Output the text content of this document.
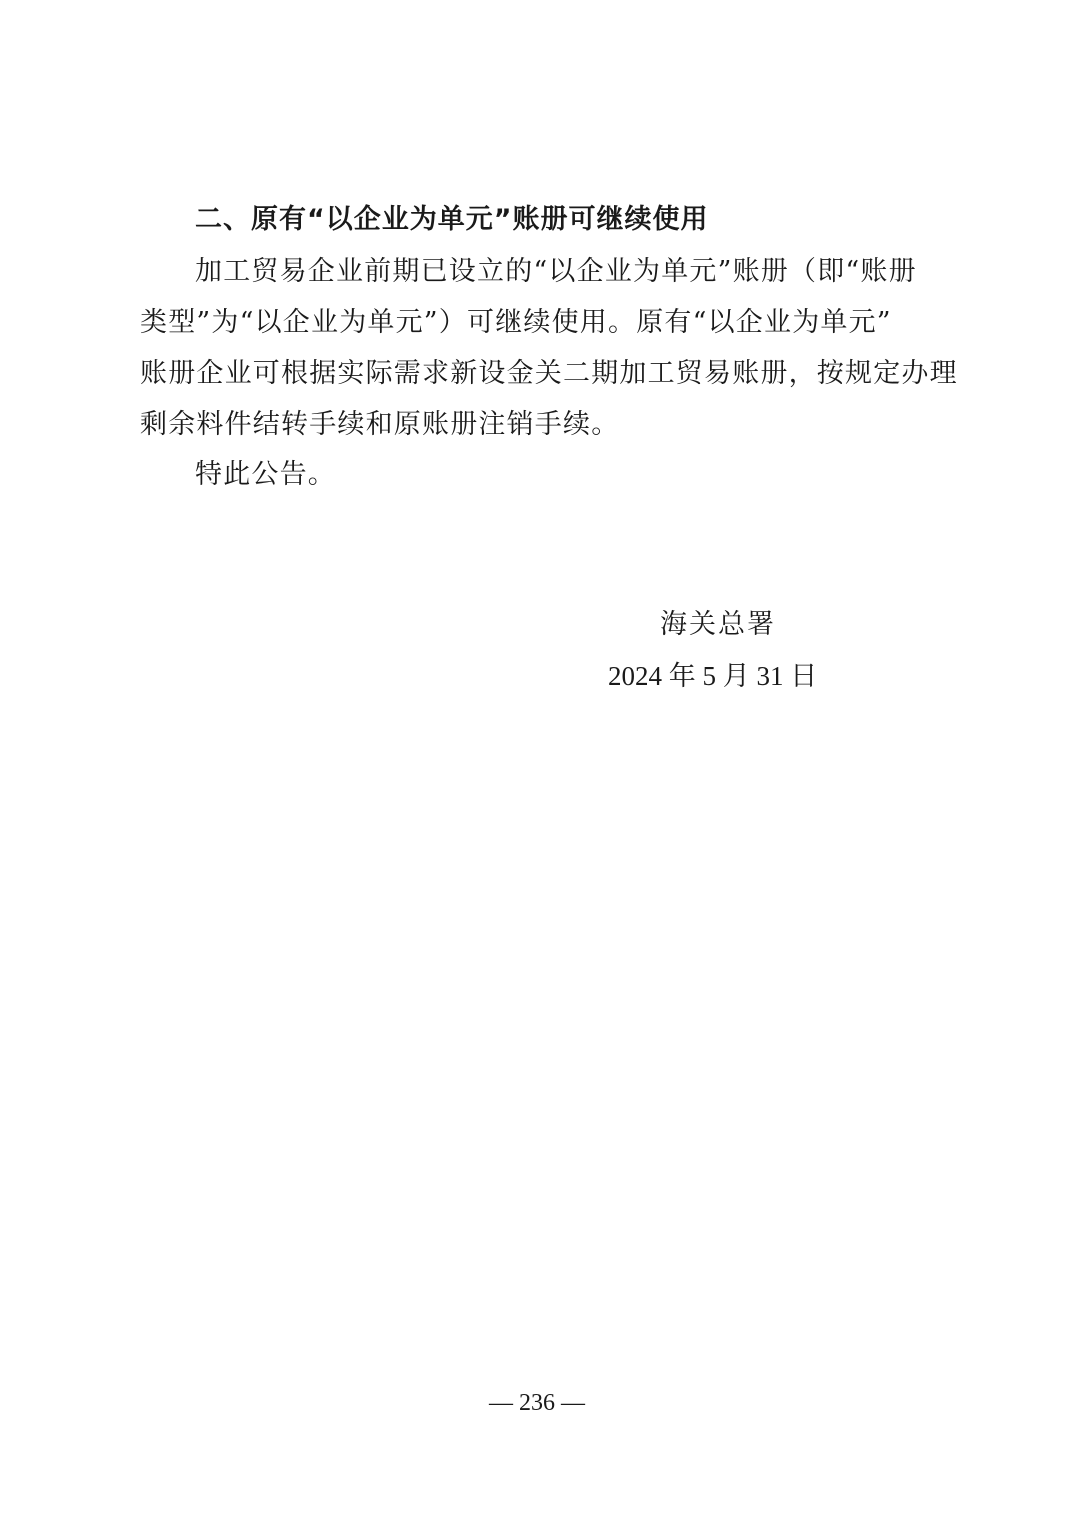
二、原有“以企业为单元”账册可继续使用
加工贸易企业前期已设立的“以企业为单元”账册（即“账册
类型”为“以企业为单元”）可继续使用。原有“以企业为单元”
账册企业可根据实际需求新设金关二期加工贸易账册，按规定办理
剩余料件结转手续和原账册注销手续。
特此公告。
海关总署
2024 年 5 月 31 日
— 236 —
